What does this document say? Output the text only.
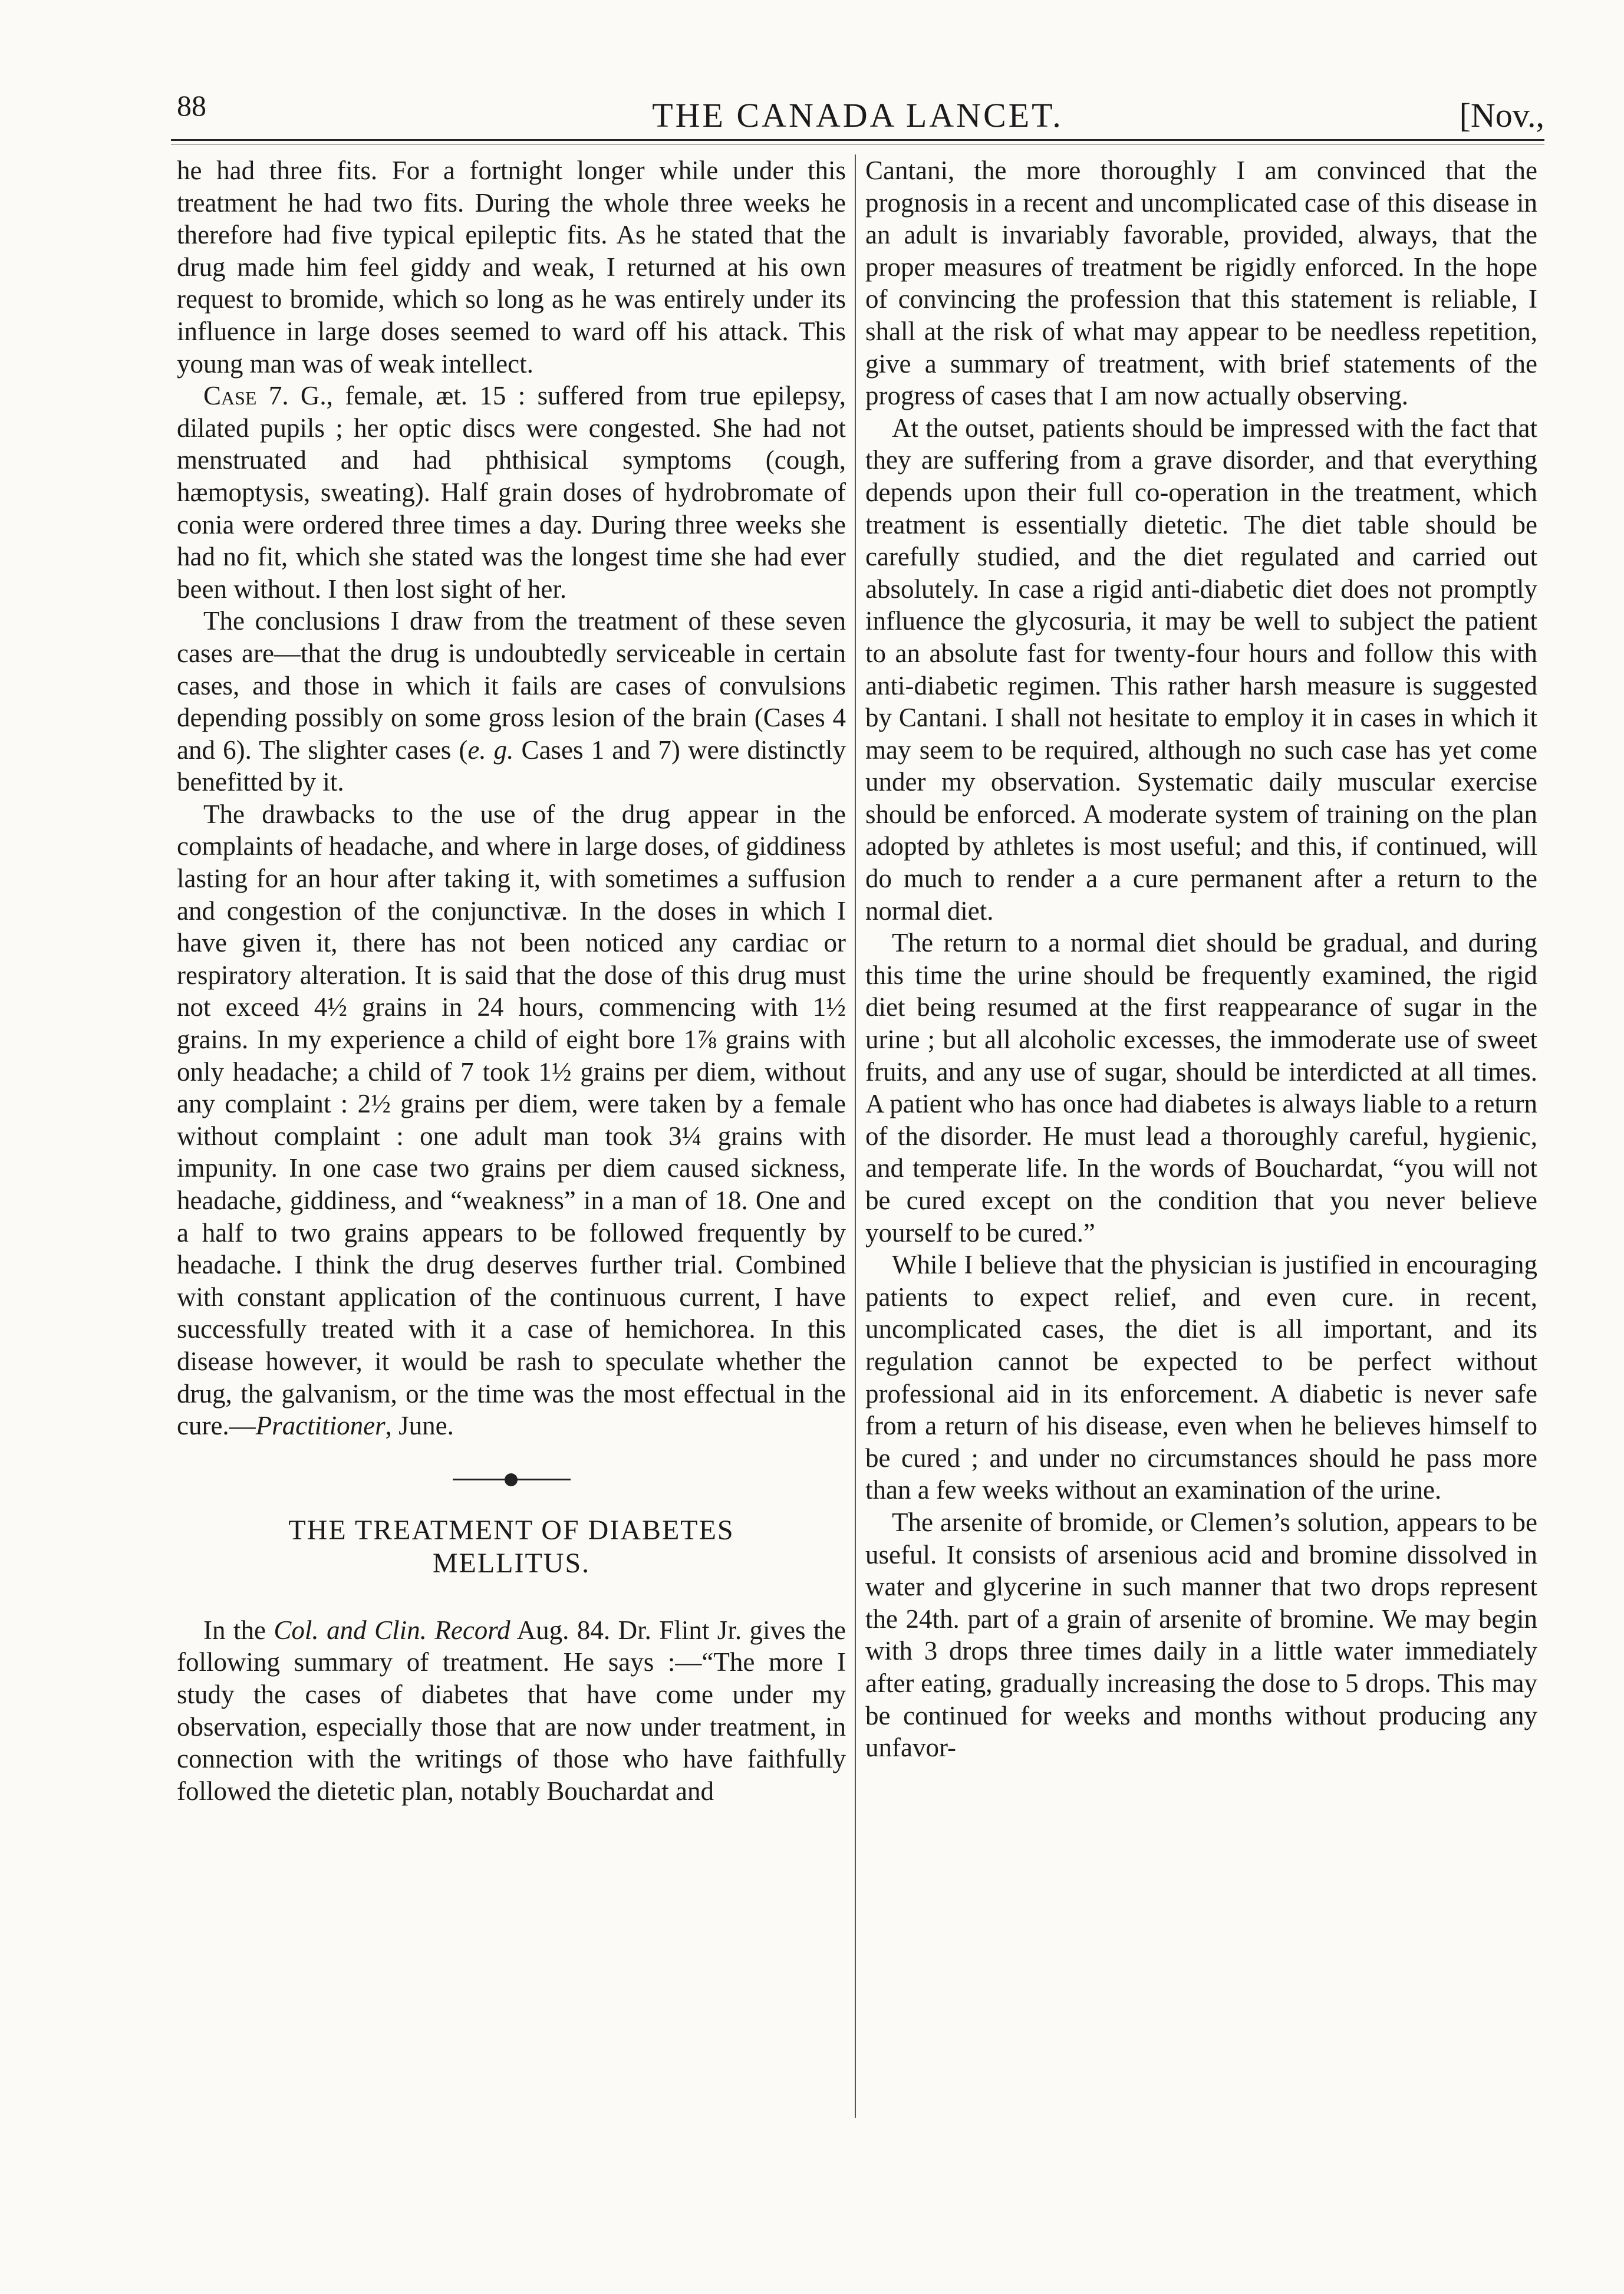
88	THE CANADA LANCET.	[Nov.,

he had three fits. For a fortnight longer while under this treatment he had two fits. During the whole three weeks he therefore had five typical epileptic fits. As he stated that the drug made him feel giddy and weak, I returned at his own request to bromide, which so long as he was entirely under its influence in large doses seemed to ward off his attack. This young man was of weak intellect.

Case 7. G., female, æt. 15 : suffered from true epilepsy, dilated pupils ; her optic discs were congested. She had not menstruated and had phthisical symptoms (cough, hæmoptysis, sweating). Half grain doses of hydrobromate of conia were ordered three times a day. During three weeks she had no fit, which she stated was the longest time she had ever been without. I then lost sight of her.

The conclusions I draw from the treatment of these seven cases are—that the drug is undoubtedly serviceable in certain cases, and those in which it fails are cases of convulsions depending possibly on some gross lesion of the brain (Cases 4 and 6). The slighter cases (e. g. Cases 1 and 7) were distinctly benefitted by it.

The drawbacks to the use of the drug appear in the complaints of headache, and where in large doses, of giddiness lasting for an hour after taking it, with sometimes a suffusion and congestion of the conjunctivæ. In the doses in which I have given it, there has not been noticed any cardiac or respiratory alteration. It is said that the dose of this drug must not exceed 4½ grains in 24 hours, commencing with 1½ grains. In my experience a child of eight bore 1⅞ grains with only headache; a child of 7 took 1½ grains per diem, without any complaint : 2½ grains per diem, were taken by a female without complaint : one adult man took 3¼ grains with impunity. In one case two grains per diem caused sickness, headache, giddiness, and “weakness” in a man of 18. One and a half to two grains appears to be followed frequently by headache. I think the drug deserves further trial. Combined with constant application of the continuous current, I have successfully treated with it a case of hemichorea. In this disease however, it would be rash to speculate whether the drug, the galvanism, or the time was the most effectual in the cure.—Practitioner, June.

THE TREATMENT OF DIABETES
MELLITUS.

In the Col. and Clin. Record Aug. 84. Dr. Flint Jr. gives the following summary of treatment. He says :—“The more I study the cases of diabetes that have come under my observation, especially those that are now under treatment, in connection with the writings of those who have faithfully followed the dietetic plan, notably Bouchardat and

Cantani, the more thoroughly I am convinced that the prognosis in a recent and uncomplicated case of this disease in an adult is invariably favorable, provided, always, that the proper measures of treatment be rigidly enforced. In the hope of convincing the profession that this statement is reliable, I shall at the risk of what may appear to be needless repetition, give a summary of treatment, with brief statements of the progress of cases that I am now actually observing.

At the outset, patients should be impressed with the fact that they are suffering from a grave disorder, and that everything depends upon their full co-operation in the treatment, which treatment is essentially dietetic. The diet table should be carefully studied, and the diet regulated and carried out absolutely. In case a rigid anti-diabetic diet does not promptly influence the glycosuria, it may be well to subject the patient to an absolute fast for twenty-four hours and follow this with anti-diabetic regimen. This rather harsh measure is suggested by Cantani. I shall not hesitate to employ it in cases in which it may seem to be required, although no such case has yet come under my observation. Systematic daily muscular exercise should be enforced. A moderate system of training on the plan adopted by athletes is most useful; and this, if continued, will do much to render a a cure permanent after a return to the normal diet.

The return to a normal diet should be gradual, and during this time the urine should be frequently examined, the rigid diet being resumed at the first reappearance of sugar in the urine ; but all alcoholic excesses, the immoderate use of sweet fruits, and any use of sugar, should be interdicted at all times. A patient who has once had diabetes is always liable to a return of the disorder. He must lead a thoroughly careful, hygienic, and temperate life. In the words of Bouchardat, “you will not be cured except on the condition that you never believe yourself to be cured.”

While I believe that the physician is justified in encouraging patients to expect relief, and even cure. in recent, uncomplicated cases, the diet is all important, and its regulation cannot be expected to be perfect without professional aid in its enforcement. A diabetic is never safe from a return of his disease, even when he believes himself to be cured ; and under no circumstances should he pass more than a few weeks without an examination of the urine.

The arsenite of bromide, or Clemen’s solution, appears to be useful. It consists of arsenious acid and bromine dissolved in water and glycerine in such manner that two drops represent the 24th. part of a grain of arsenite of bromine. We may begin with 3 drops three times daily in a little water immediately after eating, gradually increasing the dose to 5 drops. This may be continued for weeks and months without producing any unfavor-
